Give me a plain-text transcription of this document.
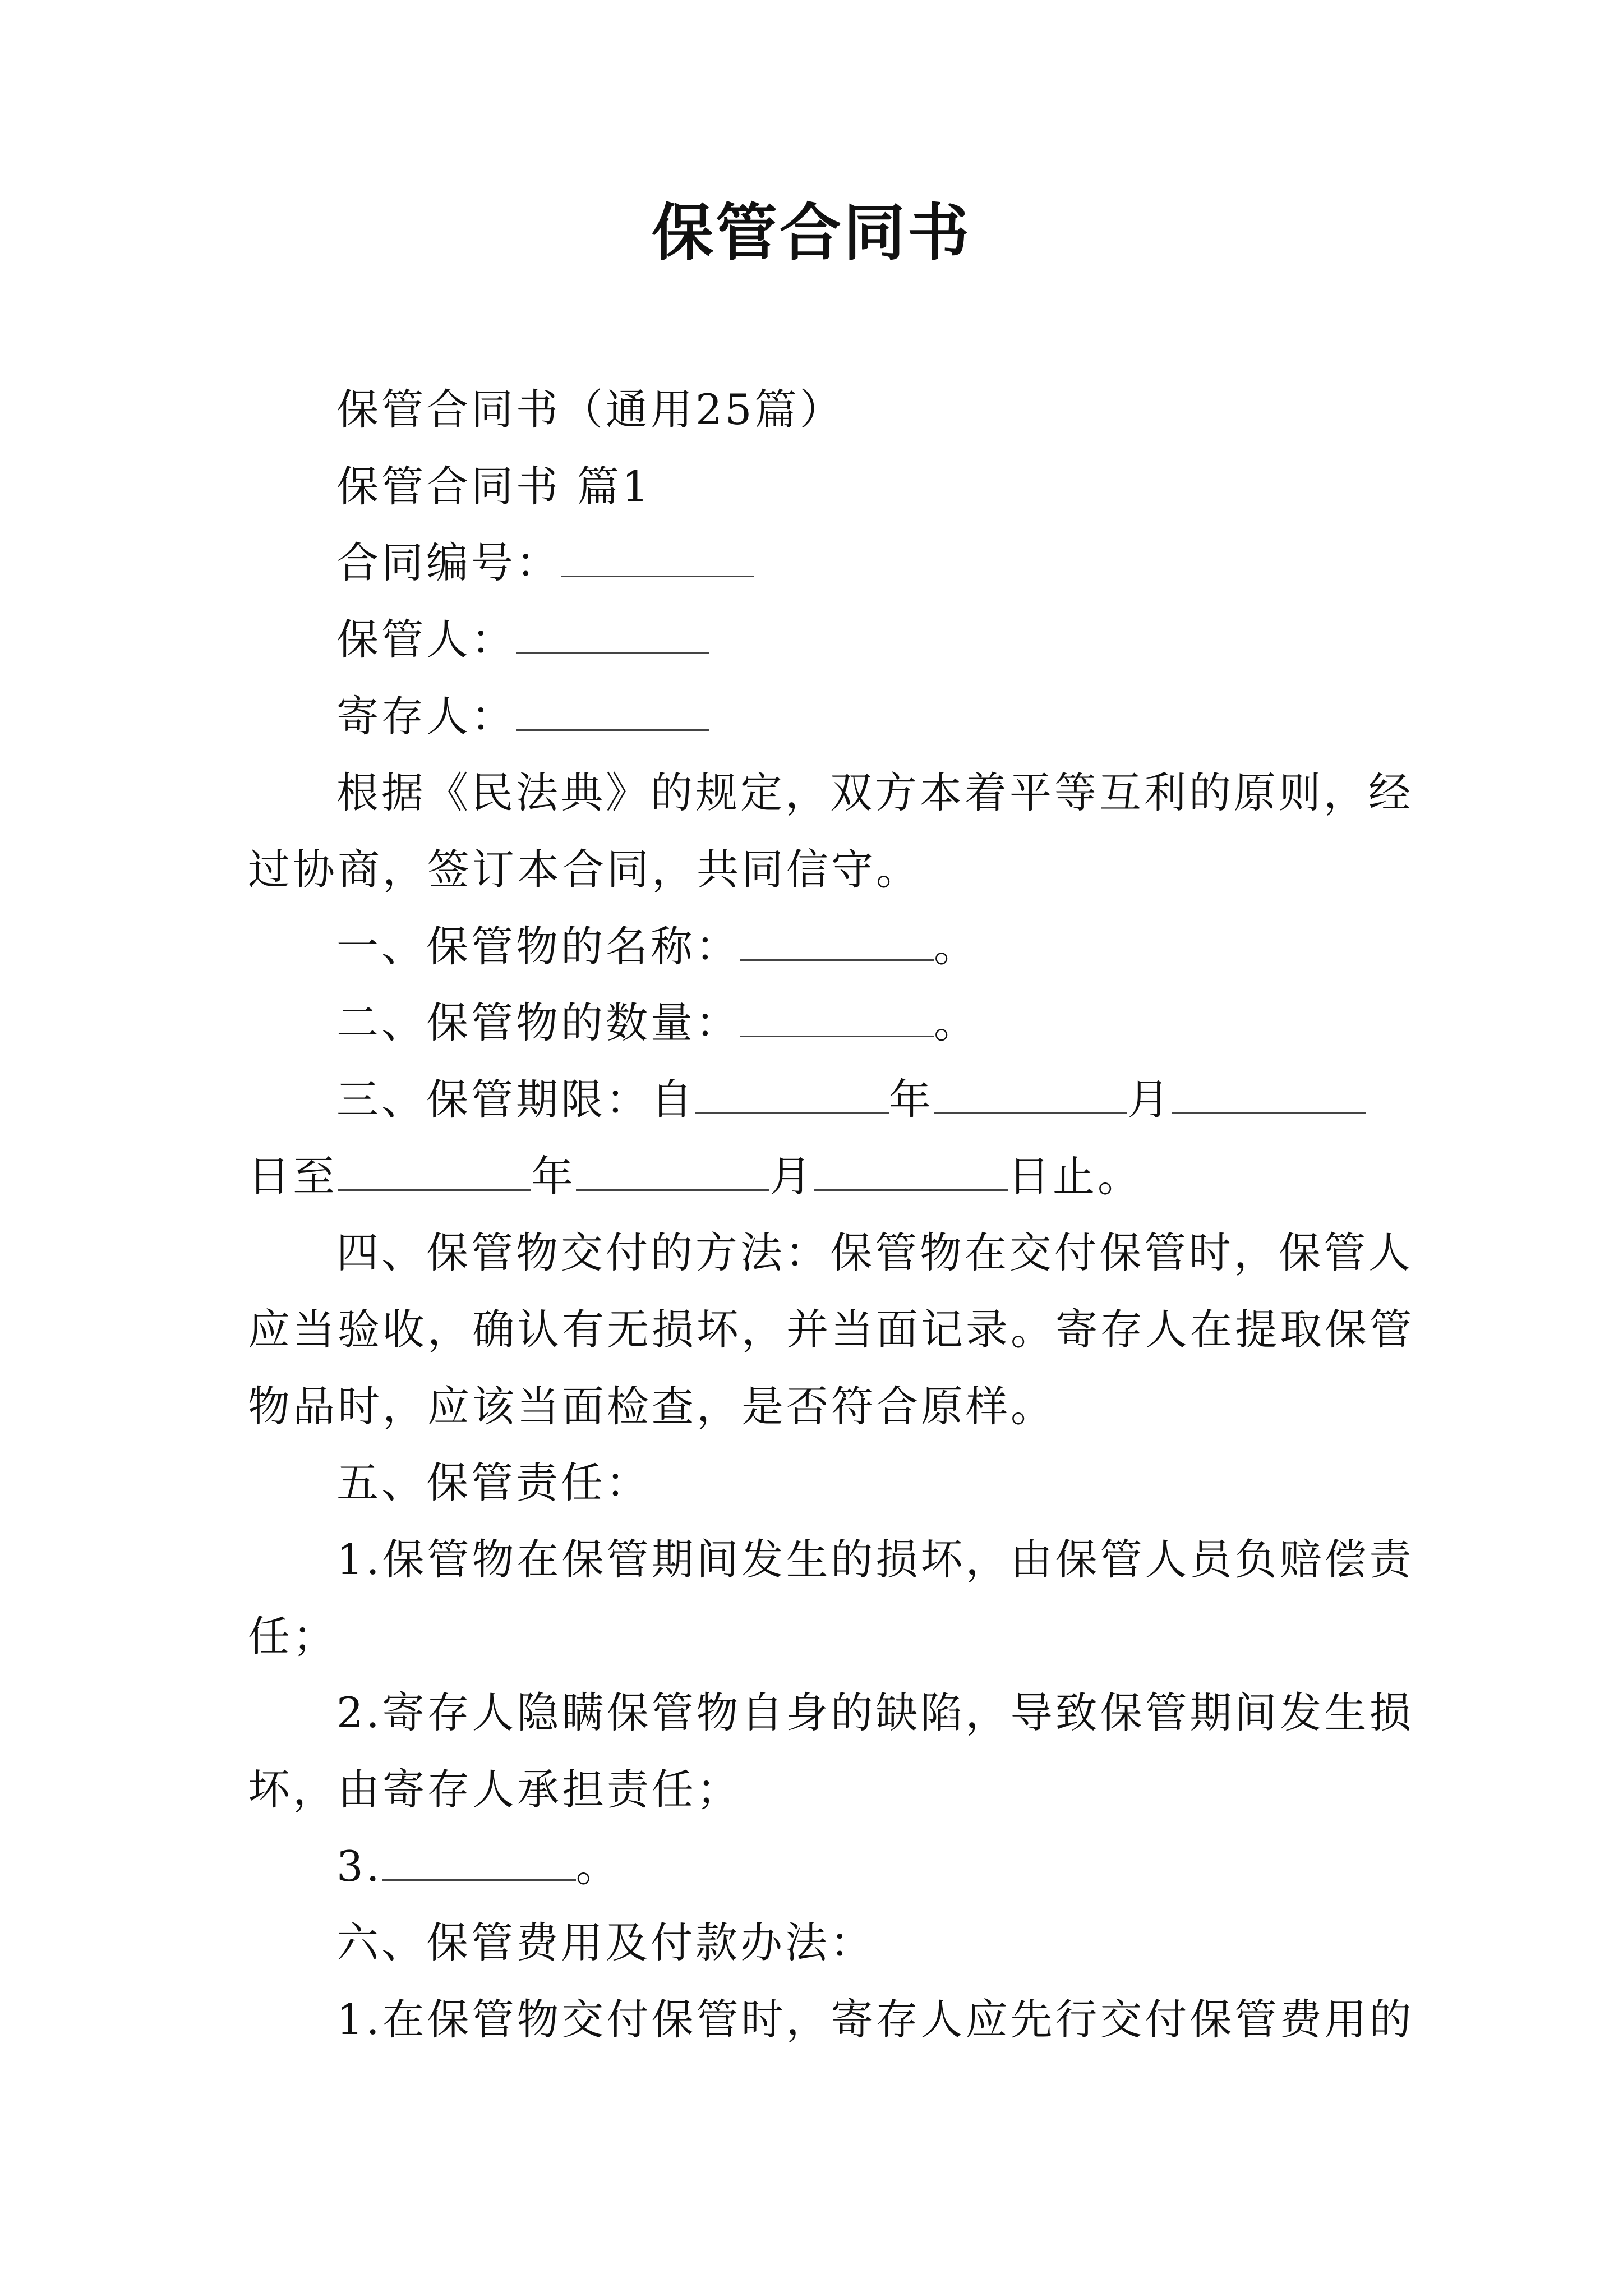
保管合同书
保管合同书（通用25篇）
保管合同书 篇1
合同编号：
保管人：
寄存人：
根据《民法典》的规定，双方本着平等互利的原则，经
过协商，签订本合同，共同信守。
一、保管物的名称：	。
二、保管物的数量：	。
三、保管期限：自	年	月
日至	年	月	日止。
四、保管物交付的方法：保管物在交付保管时，保管人
应当验收，确认有无损坏，并当面记录。寄存人在提取保管
物品时，应该当面检查，是否符合原样。
五、保管责任：
1.保管物在保管期间发生的损坏，由保管人员负赔偿责
任；
2.寄存人隐瞒保管物自身的缺陷，导致保管期间发生损
坏，由寄存人承担责任；
3.	。
六、保管费用及付款办法：
1.在保管物交付保管时，寄存人应先行交付保管费用的
